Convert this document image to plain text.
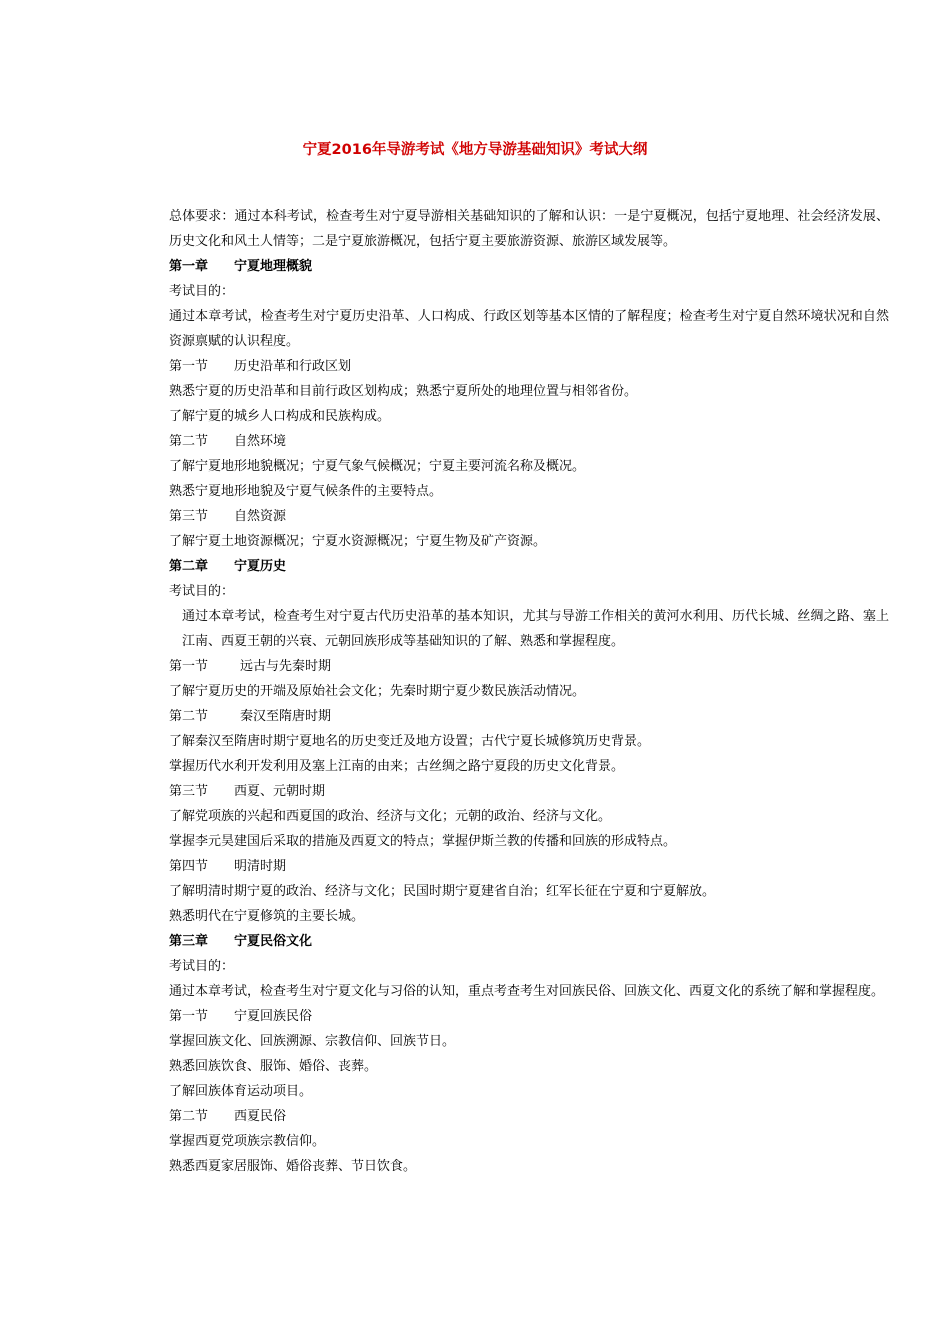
宁夏2016年导游考试《地方导游基础知识》考试大纲

总体要求：通过本科考试，检查考生对宁夏导游相关基础知识的了解和认识：一是宁夏概况，包括宁夏地理、社会经济发展、历史文化和风土人情等；二是宁夏旅游概况，包括宁夏主要旅游资源、旅游区域发展等。

第一章 宁夏地理概貌

考试目的：

通过本章考试，检查考生对宁夏历史沿革、人口构成、行政区划等基本区情的了解程度；检查考生对宁夏自然环境状况和自然资源禀赋的认识程度。

第一节 历史沿革和行政区划

熟悉宁夏的历史沿革和目前行政区划构成；熟悉宁夏所处的地理位置与相邻省份。

了解宁夏的城乡人口构成和民族构成。

第二节 自然环境

了解宁夏地形地貌概况；宁夏气象气候概况；宁夏主要河流名称及概况。

熟悉宁夏地形地貌及宁夏气候条件的主要特点。

第三节 自然资源

了解宁夏土地资源概况；宁夏水资源概况；宁夏生物及矿产资源。

第二章 宁夏历史

考试目的：

通过本章考试，检查考生对宁夏古代历史沿革的基本知识，尤其与导游工作相关的黄河水利用、历代长城、丝绸之路、塞上江南、西夏王朝的兴衰、元朝回族形成等基础知识的了解、熟悉和掌握程度。

第一节 远古与先秦时期

了解宁夏历史的开端及原始社会文化；先秦时期宁夏少数民族活动情况。

第二节 秦汉至隋唐时期

了解秦汉至隋唐时期宁夏地名的历史变迁及地方设置；古代宁夏长城修筑历史背景。

掌握历代水利开发利用及塞上江南的由来；古丝绸之路宁夏段的历史文化背景。

第三节 西夏、元朝时期

了解党项族的兴起和西夏国的政治、经济与文化；元朝的政治、经济与文化。

掌握李元昊建国后采取的措施及西夏文的特点；掌握伊斯兰教的传播和回族的形成特点。

第四节 明清时期

了解明清时期宁夏的政治、经济与文化；民国时期宁夏建省自治；红军长征在宁夏和宁夏解放。

熟悉明代在宁夏修筑的主要长城。

第三章 宁夏民俗文化

考试目的：

通过本章考试，检查考生对宁夏文化与习俗的认知，重点考查考生对回族民俗、回族文化、西夏文化的系统了解和掌握程度。

第一节 宁夏回族民俗

掌握回族文化、回族溯源、宗教信仰、回族节日。

熟悉回族饮食、服饰、婚俗、丧葬。

了解回族体育运动项目。

第二节 西夏民俗

掌握西夏党项族宗教信仰。

熟悉西夏家居服饰、婚俗丧葬、节日饮食。
